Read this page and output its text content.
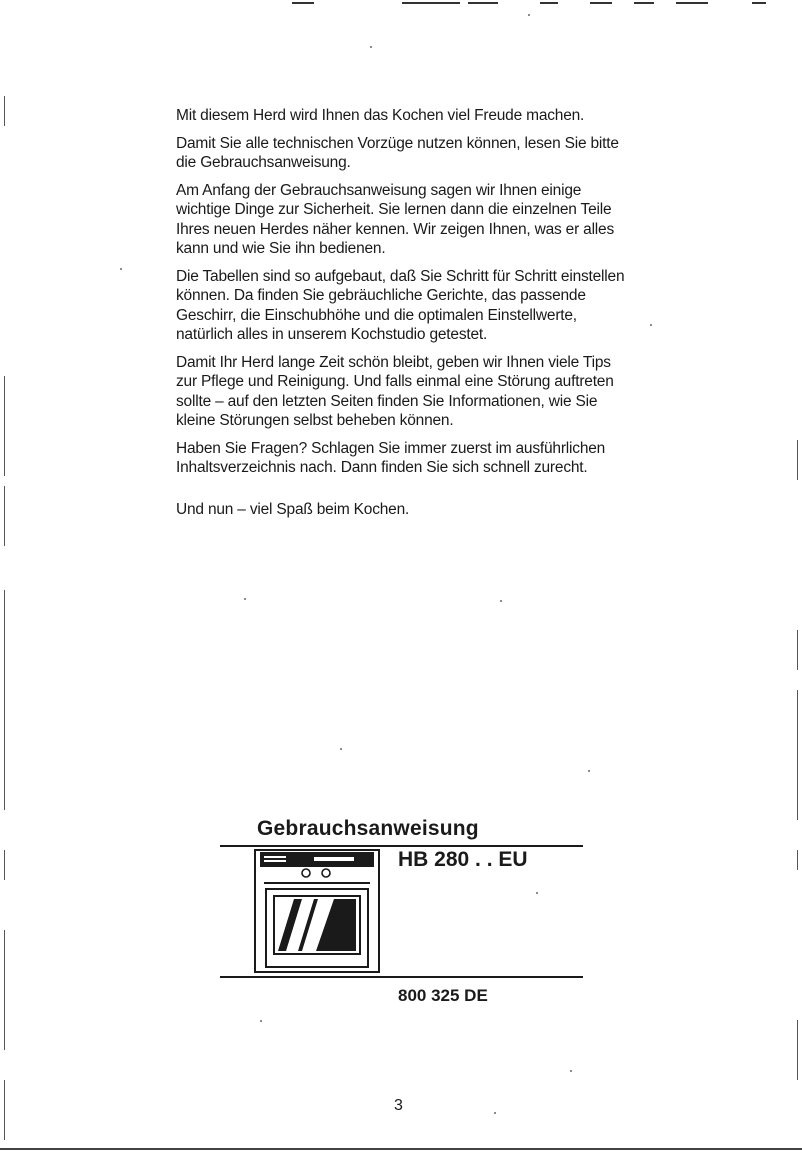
Mit diesem Herd wird Ihnen das Kochen viel Freude machen.

Damit Sie alle technischen Vorzüge nutzen können, lesen Sie bitte die Gebrauchsanweisung.

Am Anfang der Gebrauchsanweisung sagen wir Ihnen einige wichtige Dinge zur Sicherheit. Sie lernen dann die einzelnen Teile Ihres neuen Herdes näher kennen. Wir zeigen Ihnen, was er alles kann und wie Sie ihn bedienen.

Die Tabellen sind so aufgebaut, daß Sie Schritt für Schritt einstellen können. Da finden Sie gebräuchliche Gerichte, das passende Geschirr, die Einschubhöhe und die optimalen Einstellwerte, natürlich alles in unserem Kochstudio getestet.

Damit Ihr Herd lange Zeit schön bleibt, geben wir Ihnen viele Tips zur Pflege und Reinigung. Und falls einmal eine Störung auftreten sollte – auf den letzten Seiten finden Sie Informationen, wie Sie kleine Störungen selbst beheben können.

Haben Sie Fragen? Schlagen Sie immer zuerst im ausführlichen Inhaltsverzeichnis nach. Dann finden Sie sich schnell zurecht.

Und nun – viel Spaß beim Kochen.

Gebrauchsanweisung
HB 280 . . EU
800 325 DE
3
